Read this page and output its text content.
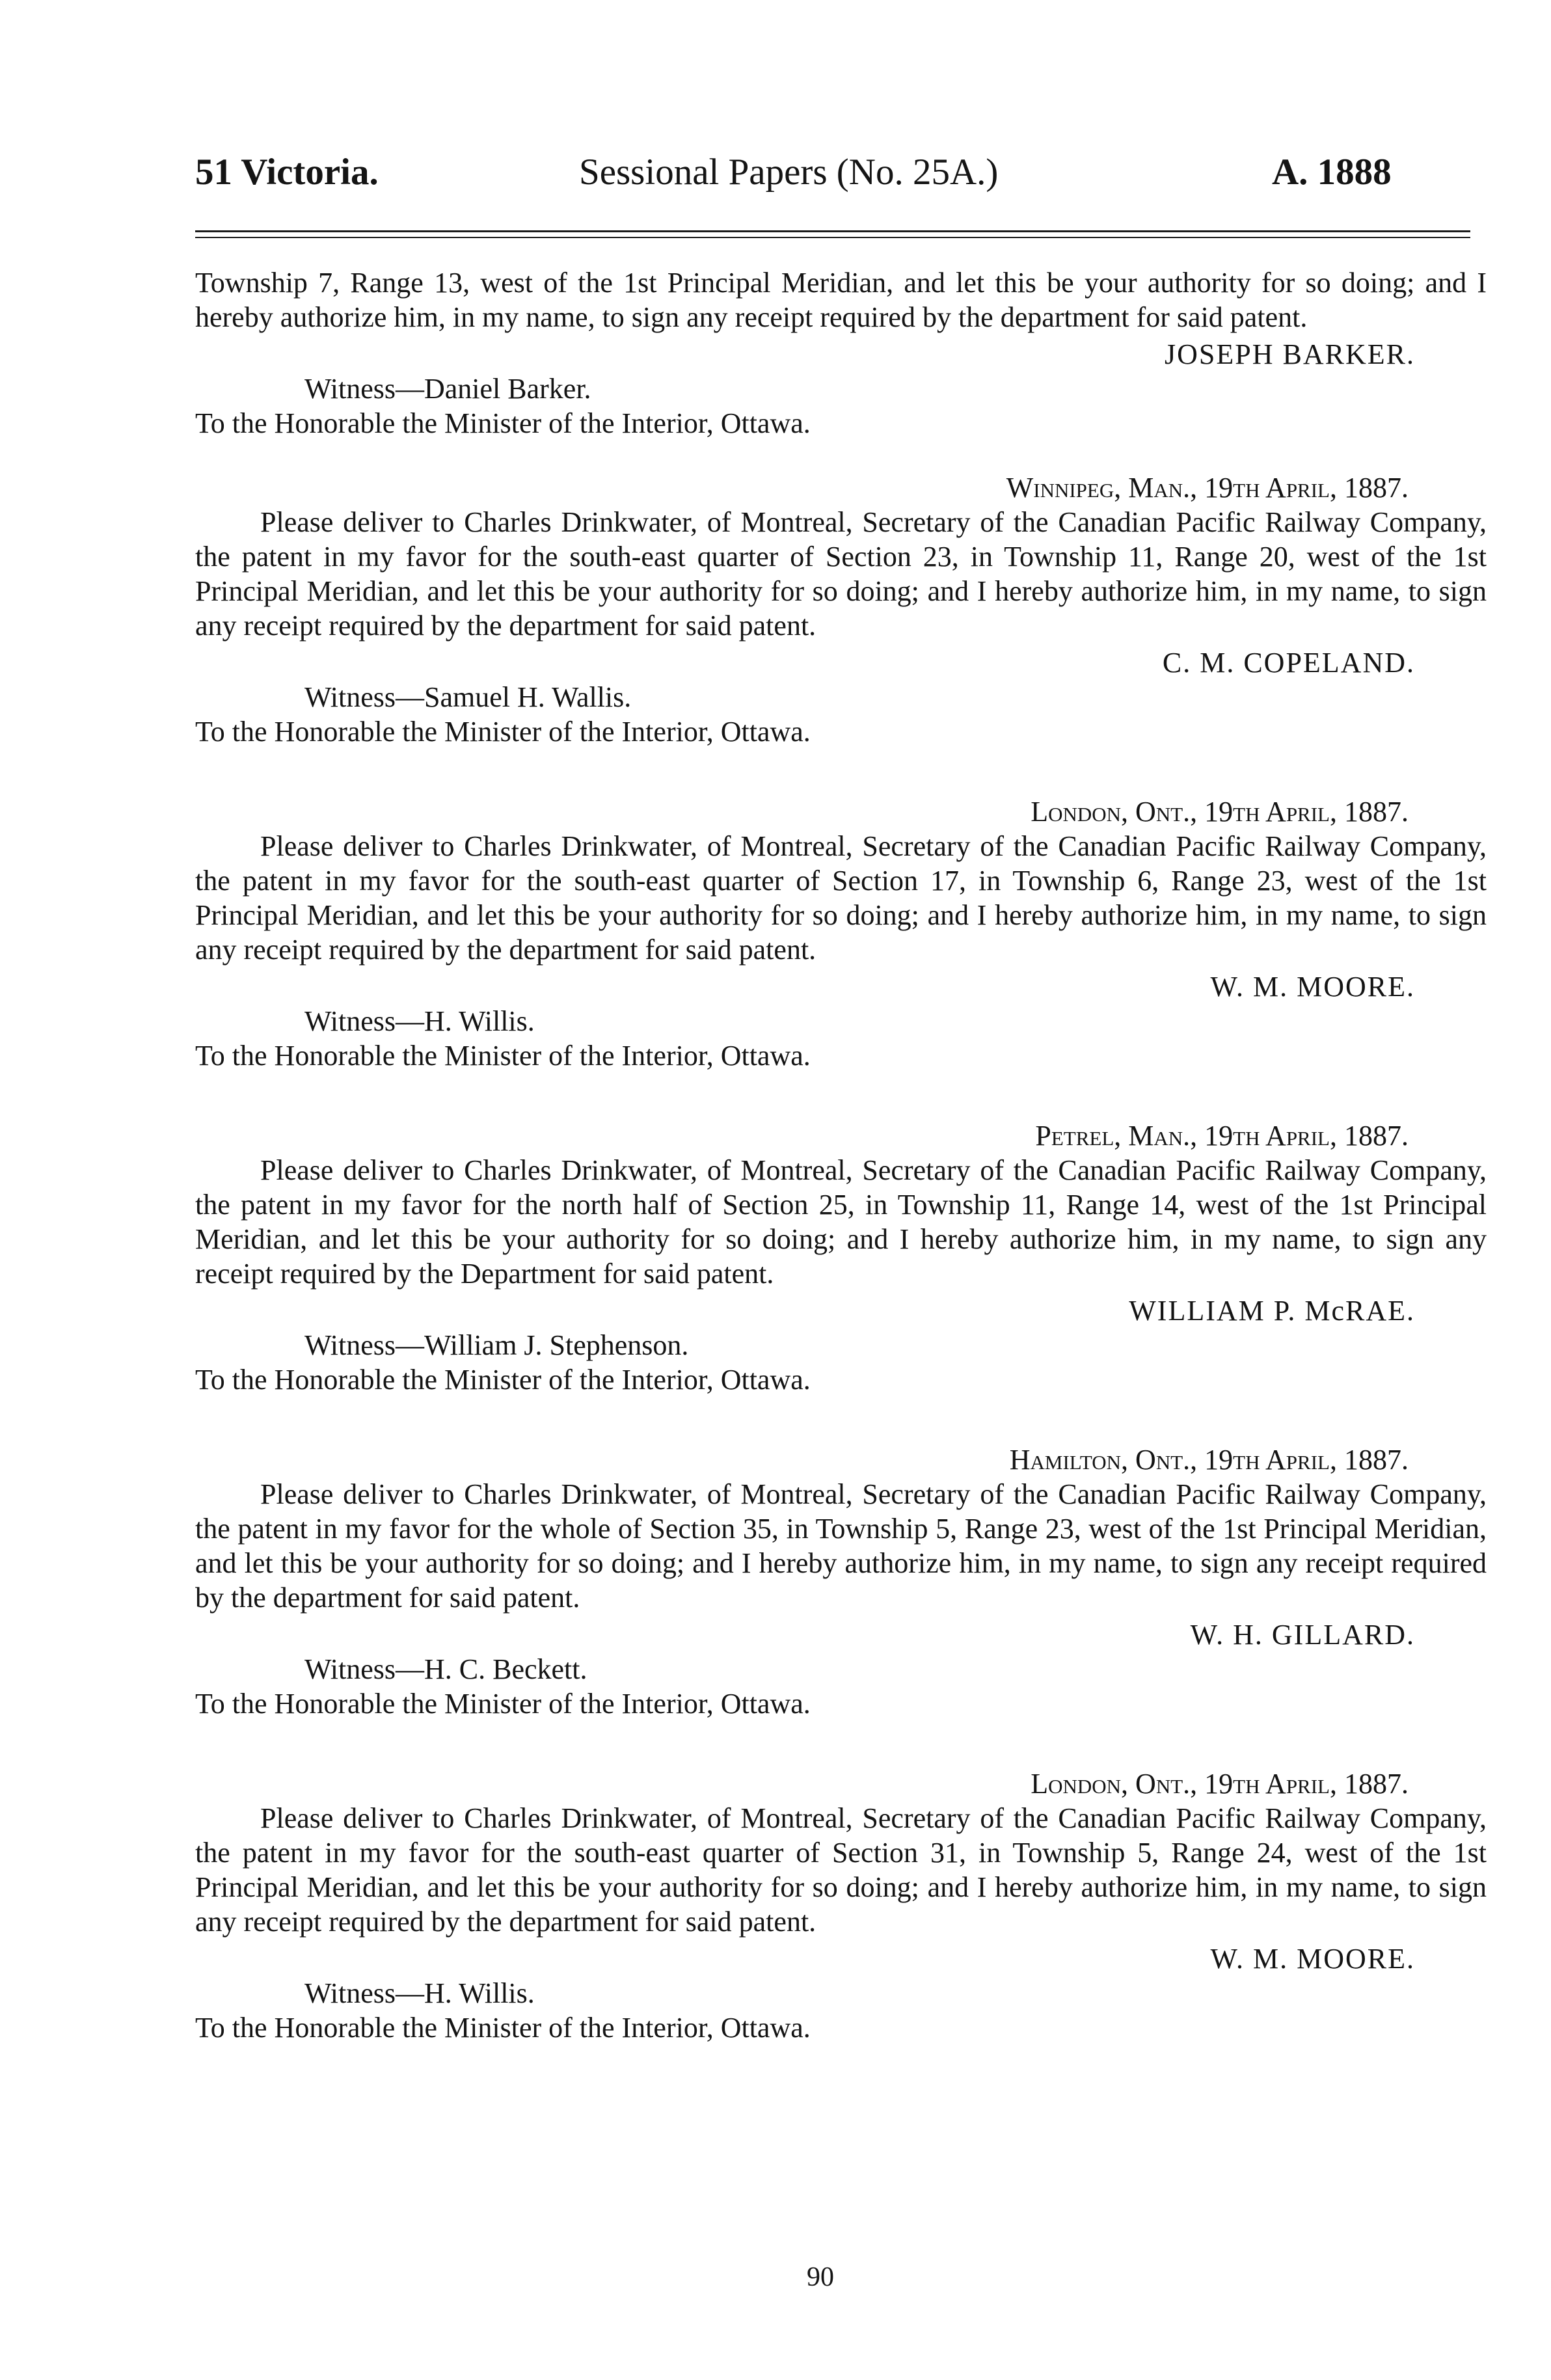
51 Victoria.	Sessional Papers (No. 25A.)	A. 1888

Township 7, Range 13, west of the 1st Principal Meridian, and let this be your authority for so doing; and I hereby authorize him, in my name, to sign any receipt required by the department for said patent.

JOSEPH BARKER.

Witness—Daniel Barker.

To the Honorable the Minister of the Interior, Ottawa.

Winnipeg, Man., 19th April, 1887.

Please deliver to Charles Drinkwater, of Montreal, Secretary of the Canadian Pacific Railway Company, the patent in my favor for the south-east quarter of Section 23, in Township 11, Range 20, west of the 1st Principal Meridian, and let this be your authority for so doing; and I hereby authorize him, in my name, to sign any receipt required by the department for said patent.

C. M. COPELAND.

Witness—Samuel H. Wallis.

To the Honorable the Minister of the Interior, Ottawa.

London, Ont., 19th April, 1887.

Please deliver to Charles Drinkwater, of Montreal, Secretary of the Canadian Pacific Railway Company, the patent in my favor for the south-east quarter of Section 17, in Township 6, Range 23, west of the 1st Principal Meridian, and let this be your authority for so doing; and I hereby authorize him, in my name, to sign any receipt required by the department for said patent.

W. M. MOORE.

Witness—H. Willis.

To the Honorable the Minister of the Interior, Ottawa.

Petrel, Man., 19th April, 1887.

Please deliver to Charles Drinkwater, of Montreal, Secretary of the Canadian Pacific Railway Company, the patent in my favor for the north half of Section 25, in Township 11, Range 14, west of the 1st Principal Meridian, and let this be your authority for so doing; and I hereby authorize him, in my name, to sign any receipt required by the Department for said patent.

WILLIAM P. McRAE.

Witness—William J. Stephenson.

To the Honorable the Minister of the Interior, Ottawa.

Hamilton, Ont., 19th April, 1887.

Please deliver to Charles Drinkwater, of Montreal, Secretary of the Canadian Pacific Railway Company, the patent in my favor for the whole of Section 35, in Township 5, Range 23, west of the 1st Principal Meridian, and let this be your authority for so doing; and I hereby authorize him, in my name, to sign any receipt required by the department for said patent.

W. H. GILLARD.

Witness—H. C. Beckett.

To the Honorable the Minister of the Interior, Ottawa.

London, Ont., 19th April, 1887.

Please deliver to Charles Drinkwater, of Montreal, Secretary of the Canadian Pacific Railway Company, the patent in my favor for the south-east quarter of Section 31, in Township 5, Range 24, west of the 1st Principal Meridian, and let this be your authority for so doing; and I hereby authorize him, in my name, to sign any receipt required by the department for said patent.

W. M. MOORE.

Witness—H. Willis.

To the Honorable the Minister of the Interior, Ottawa.

90
